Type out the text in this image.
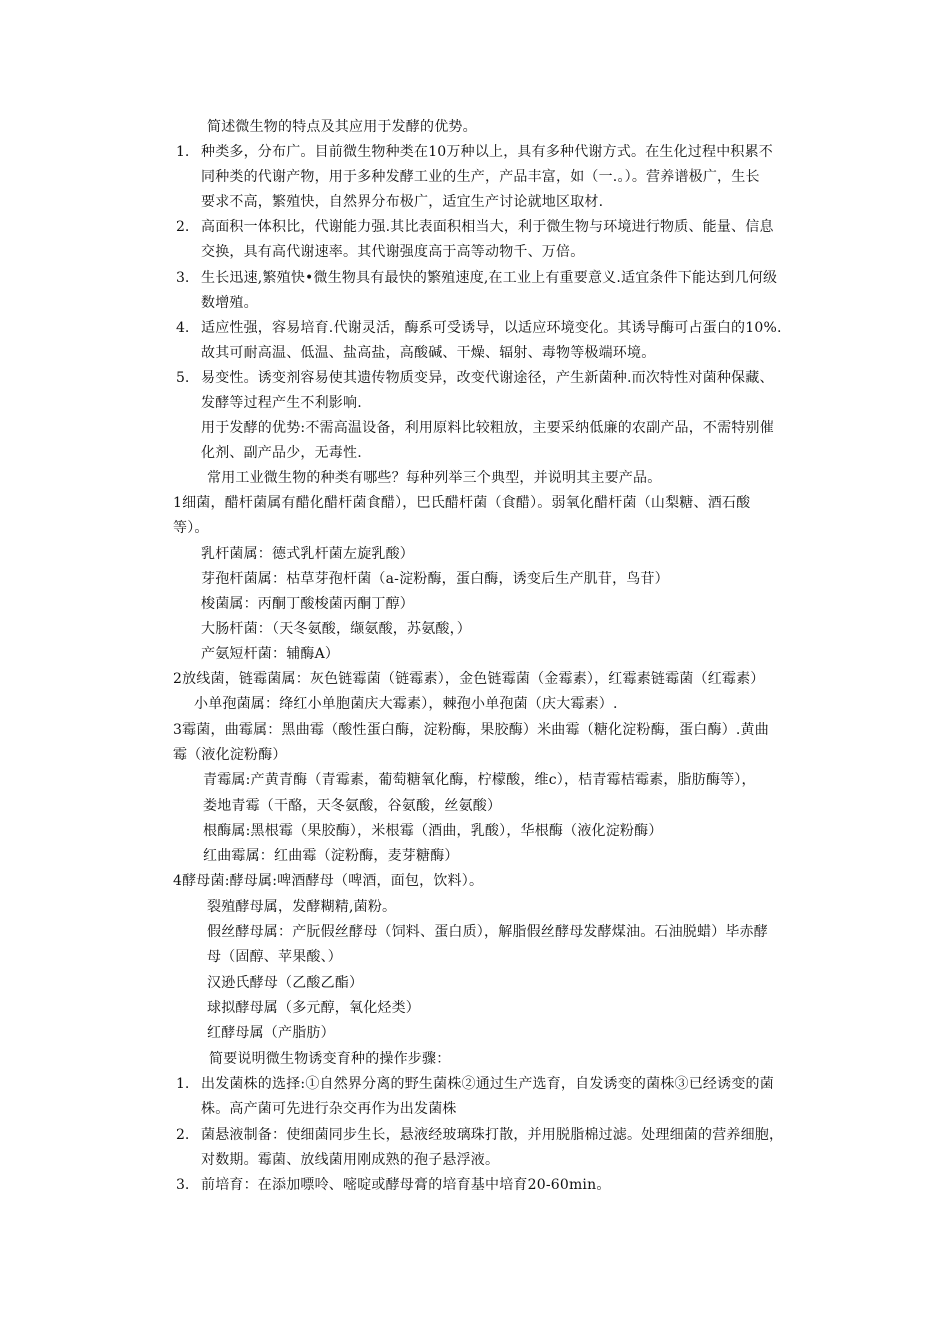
简述微生物的特点及其应用于发酵的优势。
1. 种类多，分布广。目前微生物种类在10万种以上，具有多种代谢方式。在生化过程中积累不
同种类的代谢产物，用于多种发酵工业的生产，产品丰富，如（一.。）。营养谱极广，生长
要求不高，繁殖快，自然界分布极广，适宜生产讨论就地区取材.
2. 高面积一体积比，代谢能力强.其比表面积相当大，利于微生物与环境进行物质、能量、信息
交换，具有高代谢速率。其代谢强度高于高等动物千、万倍。
3. 生长迅速,繁殖快•微生物具有最快的繁殖速度,在工业上有重要意义.适宜条件下能达到几何级
数增殖。
4. 适应性强，容易培育.代谢灵活，酶系可受诱导，以适应环境变化。其诱导酶可占蛋白的10%.
故其可耐高温、低温、盐高盐，高酸碱、干燥、辐射、毒物等极端环境。
5. 易变性。诱变剂容易使其遗传物质变异，改变代谢途径，产生新菌种.而次特性对菌种保藏、
发酵等过程产生不利影响.
用于发酵的优势:不需高温设备，利用原料比较粗放，主要采纳低廉的农副产品，不需特别催
化剂、副产品少，无毒性.
常用工业微生物的种类有哪些？每种列举三个典型，并说明其主要产品。
1细菌，醋杆菌属有醋化醋杆菌食醋），巴氏醋杆菌（食醋）。弱氧化醋杆菌（山梨糖、酒石酸
等）。
乳杆菌属：德式乳杆菌左旋乳酸）
芽孢杆菌属：枯草芽孢杆菌（a-淀粉酶，蛋白酶，诱变后生产肌苷，鸟苷）
梭菌属：丙酮丁酸梭菌丙酮丁醇）
大肠杆菌：（天冬氨酸，缬氨酸，苏氨酸，）
产氨短杆菌：辅酶A）
2放线菌，链霉菌属：灰色链霉菌（链霉素），金色链霉菌（金霉素），红霉素链霉菌（红霉素）
小单孢菌属：绛红小单胞菌庆大霉素），棘孢小单孢菌（庆大霉素）.
3霉菌，曲霉属：黑曲霉（酸性蛋白酶，淀粉酶，果胶酶）米曲霉（糖化淀粉酶，蛋白酶）.黄曲
霉（液化淀粉酶）
青霉属:产黄青酶（青霉素，葡萄糖氧化酶，柠檬酸，维c），桔青霉桔霉素，脂肪酶等），
娄地青霉（干酪，天冬氨酸，谷氨酸，丝氨酸）
根酶属:黑根霉（果胶酶），米根霉（酒曲，乳酸），华根酶（液化淀粉酶）
红曲霉属：红曲霉（淀粉酶，麦芽糖酶）
4酵母菌:酵母属:啤酒酵母（啤酒，面包，饮料）。
裂殖酵母属，发酵糊精,菌粉。
假丝酵母属：产朊假丝酵母（饲料、蛋白质），解脂假丝酵母发酵煤油。石油脱蜡）毕赤酵
母（固醇、苹果酸、）
汉逊氏酵母（乙酸乙酯）
球拟酵母属（多元醇，氧化烃类）
红酵母属（产脂肪）
简要说明微生物诱变育种的操作步骤：
1. 出发菌株的选择:①自然界分离的野生菌株②通过生产选育，自发诱变的菌株③已经诱变的菌
株。高产菌可先进行杂交再作为出发菌株
2. 菌悬液制备：使细菌同步生长，悬液经玻璃珠打散，并用脱脂棉过滤。处理细菌的营养细胞，
对数期。霉菌、放线菌用刚成熟的孢子悬浮液。
3. 前培育：在添加嘌呤、嘧啶或酵母膏的培育基中培育20-60min。
